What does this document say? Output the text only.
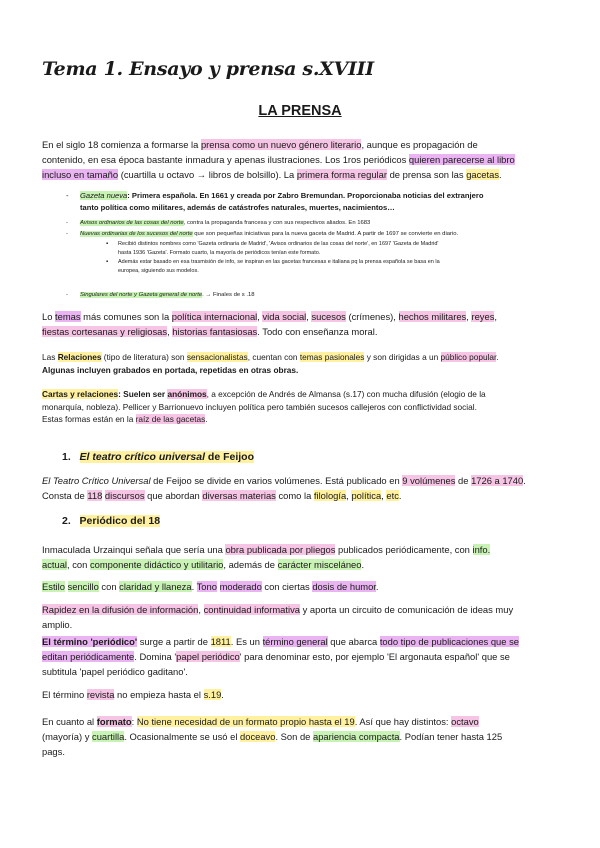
Tema 1. Ensayo y prensa s.XVIII
LA PRENSA
En el siglo 18 comienza a formarse la prensa como un nuevo género literario, aunque es propagación de
contenido, en esa época bastante inmadura y apenas ilustraciones. Los 1ros periódicos quieren parecerse al libro
incluso en tamaño (cuartilla u octavo → libros de bolsillo). La primera forma regular de prensa son las gacetas.
- Gazeta nueva: Primera española. En 1661 y creada por Zabro Bremundan. Proporcionaba noticias del extranjero
tanto política como militares, además de catástrofes naturales, muertes, nacimientos…
- Avisos ordinarios de las cosas del norte, contra la propaganda francesa y con sus respectivos aliados. En 1683
- Nuevas ordinarias de los sucesos del norte que son pequeñas iniciativas para la nueva gaceta de Madrid. A partir de 1697 se convierte en diario.
▪ Recibió distintos nombres como 'Gazeta ordinaria de Madrid', 'Avisos ordinarios de las cosas del norte', en 1697 'Gazeta de Madrid'
hasta 1936 'Gazeta'. Formato cuarto, la mayoría de periódicos tenían este formato.
▪ Además estar basado en esa trasmisión de info, se inspiran en las gacetas francesas e italiana pq la prensa española se basa en la
europea, siguiendo sus modelos.
- Singulares del norte y Gazeta general de norte. → Finales de s .18
Lo temas más comunes son la política internacional, vida social, sucesos (crímenes), hechos militares, reyes,
fiestas cortesanas y religiosas, historias fantasiosas. Todo con enseñanza moral.
Las Relaciones (tipo de literatura) son sensacionalistas, cuentan con temas pasionales y son dirigidas a un público popular.
Algunas incluyen grabados en portada, repetidas en otras obras.
Cartas y relaciones: Suelen ser anónimos, a excepción de Andrés de Almansa (s.17) con mucha difusión (elogio de la
monarquía, nobleza). Pellicer y Barrionuevo incluyen política pero también sucesos callejeros con conflictividad social.
Estas formas están en la raíz de las gacetas.
1. El teatro crítico universal de Feijoo
El Teatro Crítico Universal de Feijoo se divide en varios volúmenes. Está publicado en 9 volúmenes de 1726 a 1740.
Consta de 118 discursos que abordan diversas materias como la filología, política, etc.
2. Periódico del 18
Inmaculada Urzainqui señala que sería una obra publicada por pliegos publicados periódicamente, con info.
actual, con componente didáctico y utilitario, además de carácter misceláneo.
Estilo sencillo con claridad y llaneza. Tono moderado con ciertas dosis de humor.
Rapidez en la difusión de información, continuidad informativa y aporta un circuito de comunicación de ideas muy
amplio.
El término 'periódico' surge a partir de 1811. Es un término general que abarca todo tipo de publicaciones que se
editan periódicamente. Domina 'papel periódico' para denominar esto, por ejemplo 'El argonauta español' que se
subtitula 'papel periódico gaditano'.
El término revista no empieza hasta el s.19.
En cuanto al formato: No tiene necesidad de un formato propio hasta el 19. Así que hay distintos: octavo
(mayoría) y cuartilla. Ocasionalmente se usó el doceavo. Son de apariencia compacta. Podían tener hasta 125
pags.
